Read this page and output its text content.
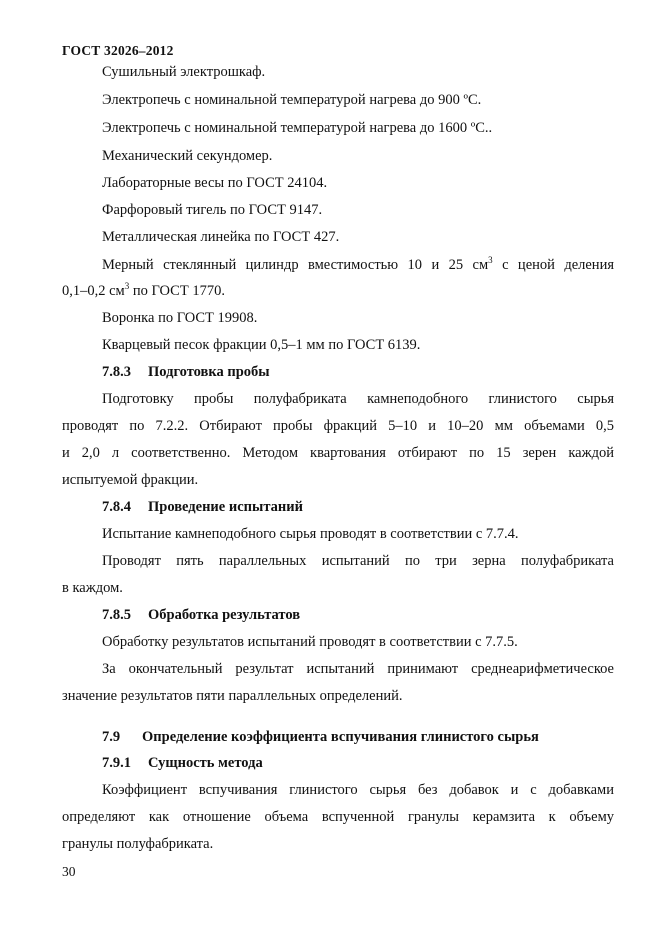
ГОСТ 32026–2012
Сушильный электрошкаф.
Электропечь с номинальной температурой нагрева до 900 ºС.
Электропечь с номинальной температурой нагрева до 1600 ºС..
Механический секундомер.
Лабораторные весы по ГОСТ 24104.
Фарфоровый тигель по ГОСТ 9147.
Металлическая линейка по ГОСТ 427.
Мерный стеклянный цилиндр вместимостью 10 и 25 $см^3$ с ценой деления
0,1–0,2 $см^3$ по ГОСТ 1770.
Воронка по ГОСТ 19908.
Кварцевый песок фракции 0,5–1 мм по ГОСТ 6139.
7.8.3 Подготовка пробы
Подготовку пробы полуфабриката камнеподобного глинистого сырья
проводят по 7.2.2. Отбирают пробы фракций 5–10 и 10–20 мм объемами 0,5
и 2,0 л соответственно. Методом квартования отбирают по 15 зерен каждой
испытуемой фракции.
7.8.4 Проведение испытаний
Испытание камнеподобного сырья проводят в соответствии с 7.7.4.
Проводят пять параллельных испытаний по три зерна полуфабриката
в каждом.
7.8.5 Обработка результатов
Обработку результатов испытаний проводят в соответствии с 7.7.5.
За окончательный результат испытаний принимают среднеарифметическое
значение результатов пяти параллельных определений.
7.9 Определение коэффициента вспучивания глинистого сырья
7.9.1 Сущность метода
Коэффициент вспучивания глинистого сырья без добавок и с добавками
определяют как отношение объема вспученной гранулы керамзита к объему
гранулы полуфабриката.
30
